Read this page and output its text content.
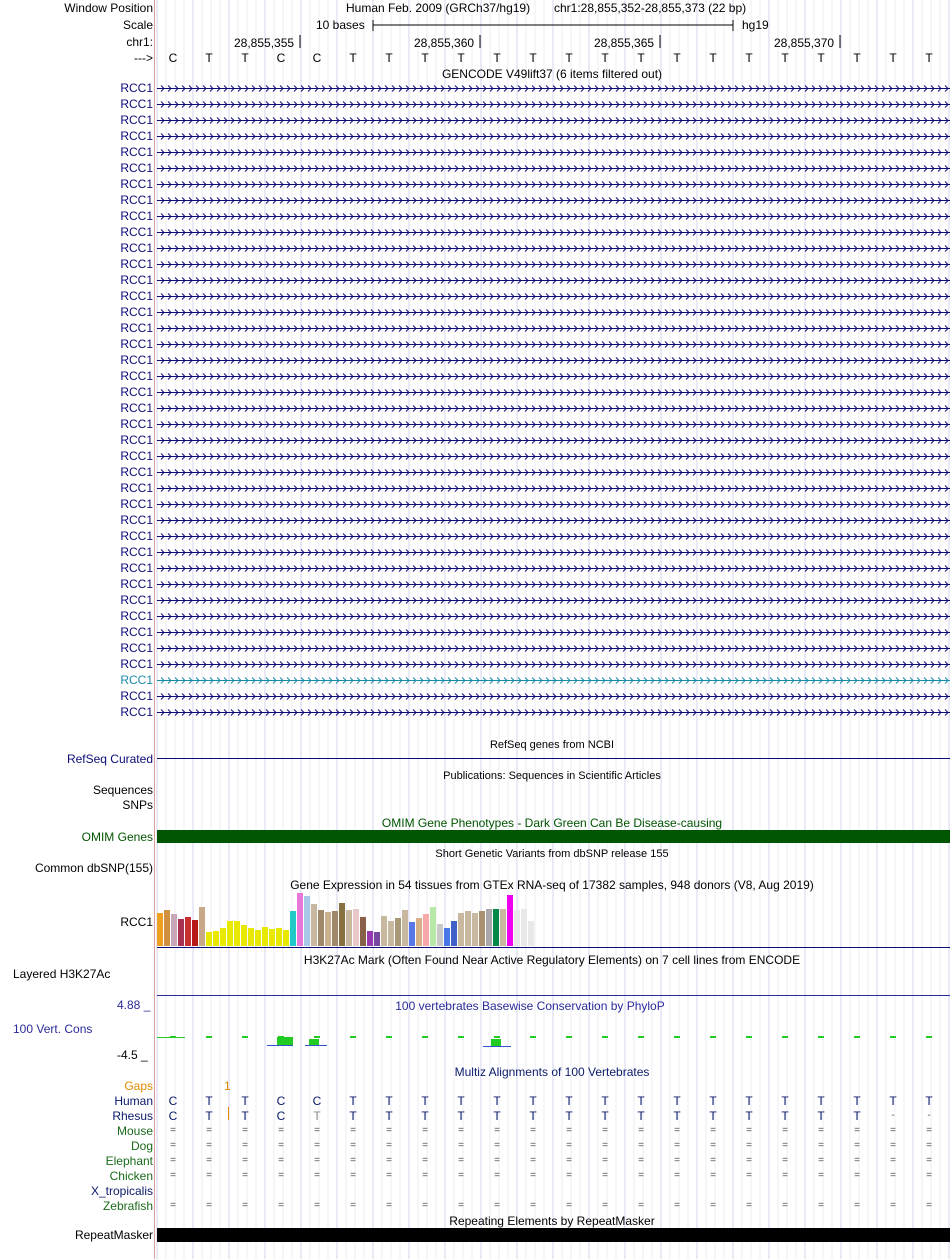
Window Position
Scale
chr1:
--->
Human Feb. 2009 (GRCh37/hg19) chr1:28,855,352-28,855,373 (22 bp)
10 bases	hg19
28,855,355	28,855,360	28,855,365	28,855,370
C T T C C T T T T T T T T T T T T T T T T T
GENCODE V49lift37 (6 items filtered out)
RCC1
RCC1
RCC1
RCC1
RCC1
RCC1
RCC1
RCC1
RCC1
RCC1
RCC1
RCC1
RCC1
RCC1
RCC1
RCC1
RCC1
RCC1
RCC1
RCC1
RCC1
RCC1
RCC1
RCC1
RCC1
RCC1
RCC1
RCC1
RCC1
RCC1
RCC1
RCC1
RCC1
RCC1
RCC1
RCC1
RCC1
RCC1
RCC1
RCC1
RefSeq genes from NCBI
RefSeq Curated
Publications: Sequences in Scientific Articles
Sequences
SNPs
OMIM Gene Phenotypes - Dark Green Can Be Disease-causing
OMIM Genes
Short Genetic Variants from dbSNP release 155
Common dbSNP(155)
Gene Expression in 54 tissues from GTEx RNA-seq of 17382 samples, 948 donors (V8, Aug 2019)
RCC1
H3K27Ac Mark (Often Found Near Active Regulatory Elements) on 7 cell lines from ENCODE
Layered H3K27Ac
4.88 _	100 vertebrates Basewise Conservation by PhyloP
100 Vert. Cons
-4.5 _
Multiz Alignments of 100 Vertebrates
Gaps	1
Human C T T C C T T T T T T T T T T T T T T T T T
Rhesus C T T C T T T T T T T T T T T T T T T T	-	-
Mouse =	=	=	=	=	=	=	=	=	=	=	=	=	=	=	=	=	=	=	=	=	=
Dog =	=	=	=	=	=	=	=	=	=	=	=	=	=	=	=	=	=	=	=	=	=
Elephant =	=	=	=	=	=	=	=	=	=	=	=	=	=	=	=	=	=	=	=	=	=
Chicken =	=	=	=	=	=	=	=	=	=	=	=	=	=	=	=	=	=	=	=	=	=
X_tropicalis
Zebrafish =	=	=	=	=	=	=	=	=	=	=	=	=	=	=	=	=	=	=	=	=	=
Repeating Elements by RepeatMasker
RepeatMasker
